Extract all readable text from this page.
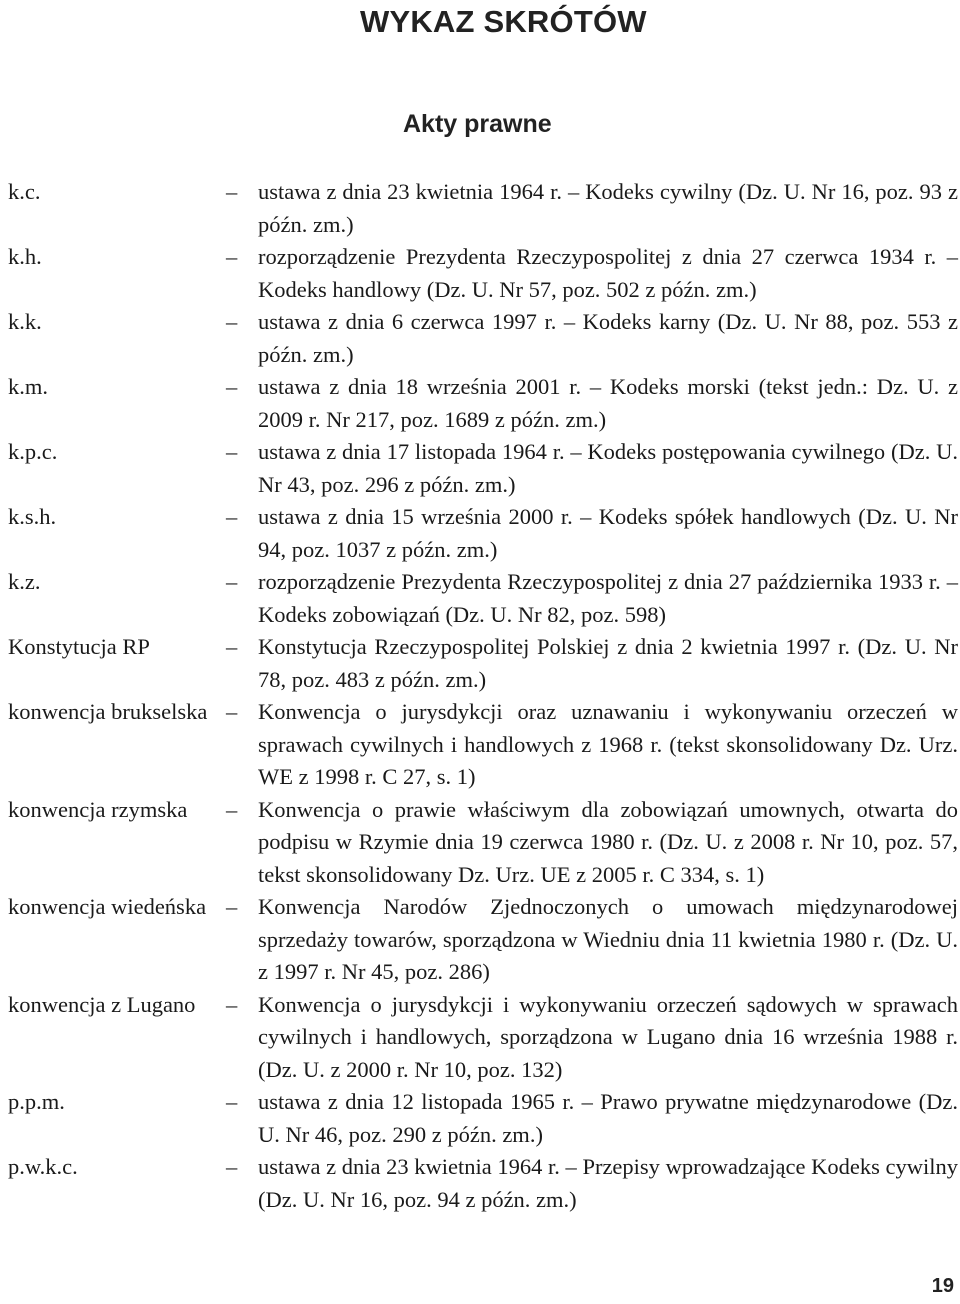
WYKAZ SKRÓTÓW
Akty prawne
k.c.	– ustawa z dnia 23 kwietnia 1964 r. – Kodeks cywilny (Dz. U. Nr 16, poz. 93 z późn. zm.)
k.h.	– rozporządzenie Prezydenta Rzeczypospolitej z dnia 27 czerwca 1934 r. – Kodeks handlowy (Dz. U. Nr 57, poz. 502 z późn. zm.)
k.k.	– ustawa z dnia 6 czerwca 1997 r. – Kodeks karny (Dz. U. Nr 88, poz. 553 z późn. zm.)
k.m.	– ustawa z dnia 18 września 2001 r. – Kodeks morski (tekst jedn.: Dz. U. z 2009 r. Nr 217, poz. 1689 z późn. zm.)
k.p.c.	– ustawa z dnia 17 listopada 1964 r. – Kodeks postępowania cywilnego (Dz. U. Nr 43, poz. 296 z późn. zm.)
k.s.h.	– ustawa z dnia 15 września 2000 r. – Kodeks spółek handlowych (Dz. U. Nr 94, poz. 1037 z późn. zm.)
k.z.	– rozporządzenie Prezydenta Rzeczypospolitej z dnia 27 października 1933 r. – Kodeks zobowiązań (Dz. U. Nr 82, poz. 598)
Konstytucja RP	– Konstytucja Rzeczypospolitej Polskiej z dnia 2 kwietnia 1997 r. (Dz. U. Nr 78, poz. 483 z późn. zm.)
konwencja brukselska – Konwencja o jurysdykcji oraz uznawaniu i wykonywaniu orzeczeń w sprawach cywilnych i handlowych z 1968 r. (tekst skonsolidowany Dz. Urz. WE z 1998 r. C 27, s. 1)
konwencja rzymska	– Konwencja o prawie właściwym dla zobowiązań umownych, otwarta do podpisu w Rzymie dnia 19 czerwca 1980 r. (Dz. U. z 2008 r. Nr 10, poz. 57, tekst skonsolidowany Dz. Urz. UE z 2005 r. C 334, s. 1)
konwencja wiedeńska – Konwencja Narodów Zjednoczonych o umowach międzynarodowej sprzedaży towarów, sporządzona w Wiedniu dnia 11 kwietnia 1980 r. (Dz. U. z 1997 r. Nr 45, poz. 286)
konwencja z Lugano	– Konwencja o jurysdykcji i wykonywaniu orzeczeń sądowych w sprawach cywilnych i handlowych, sporządzona w Lugano dnia 16 września 1988 r. (Dz. U. z 2000 r. Nr 10, poz. 132)
p.p.m.	– ustawa z dnia 12 listopada 1965 r. – Prawo prywatne międzynarodowe (Dz. U. Nr 46, poz. 290 z późn. zm.)
p.w.k.c.	– ustawa z dnia 23 kwietnia 1964 r. – Przepisy wprowadzające Kodeks cywilny (Dz. U. Nr 16, poz. 94 z późn. zm.)
19
